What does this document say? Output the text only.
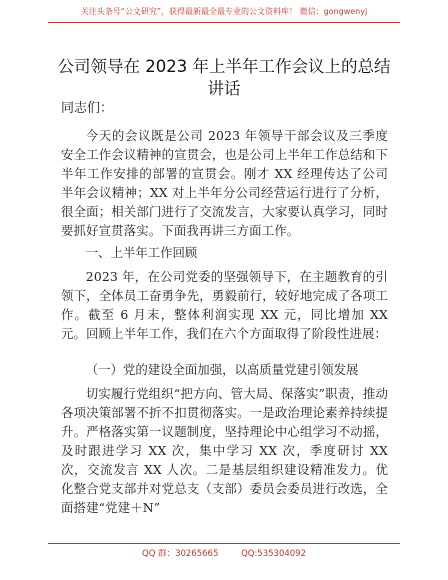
关注头条号“公文研究”，获得最新最全最专业的公文资料库！ 微信：gongwenyj
公司领导在 2023 年上半年工作会议上的总结讲话

同志们：

今天的会议既是公司 2023 年领导干部会议及三季度安全工作会议精神的宣贯会，也是公司上半年工作总结和下半年工作安排的部署的宣贯会。刚才 XX 经理传达了公司半年会议精神；XX 对上半年分公司经营运行进行了分析，很全面；相关部门进行了交流发言，大家要认真学习，同时要抓好宣贯落实。下面我再讲三方面工作。

一、上半年工作回顾

2023 年，在公司党委的坚强领导下，在主题教育的引领下，全体员工奋勇争先，勇毅前行，较好地完成了各项工作。截至 6 月末，整体利润实现 XX 元，同比增加 XX 元。回顾上半年工作，我们在六个方面取得了阶段性进展：

（一）党的建设全面加强，以高质量党建引领发展

切实履行党组织“把方向、管大局、保落实”职责，推动各项决策部署不折不扣贯彻落实。一是政治理论素养持续提升。严格落实第一议题制度，坚持理论中心组学习不动摇，及时跟进学习 XX 次，集中学习 XX 次，季度研讨 XX 次，交流发言 XX 人次。二是基层组织建设精准发力。优化整合党支部并对党总支（支部）委员会委员进行改选，全面搭建“党建＋N”

QQ 群：30265665	QQ:535304092
